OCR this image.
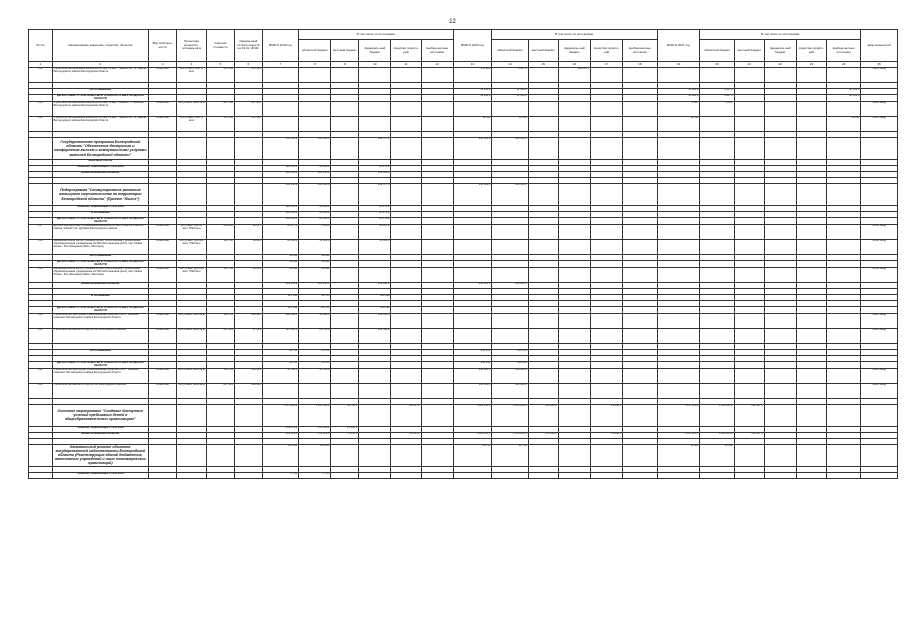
12
№ п/п	Наименование заказчика, отраслей, объектов	Вид собствен-ности	Проектная мощность, площадь кв.м	Сметная стоимость	Ожидае-мый остаток средств на 01.01. 2019г.	ВСЕГО 2019 год	В том числе по источникам:					ВСЕГО 2020 год	В том числе по источникам:					ВСЕГО 2021 год	В том числе по источникам:					ввод мощностей
							областной бюджет	местный бюджет	федераль-ный бюджет	средства террито-рий	внебюд-жетные источники		областной бюджет	местный бюджет	федераль-ный бюджет	средства террито-рий	внебюд-жетные источники		областной бюджет	местный бюджет	федераль-ный бюджет	средства террито-рий	внебюд-жетные источники	
1	2	3	4	5	6	7	8	9	10	11	12	13	14	15	16	17	18	19	20	21	22	23	24	25
154	Строительство начальной школы на 100 мест в мкр. "Таврово-10", в Таврово Белгородского района Белгородской области	областная	100 уч.мест 3447,9 кв.м	172 500	172 500							152 803	4 617,4		118 815,7									2021г. ввод

	За Соглашением											11 050,0	11 050,0					45 000,0	6 667,0				38 333,0	
	ДЕПАРТАМЕНТ СТРОИТЕЛЬСТВА И ТРАНСПОРТА БЕЛГОРОДСКОЙ ОБЛАСТИ											11 050,0	11 050,0					45 000,0	6 667,0				38 333,0	
155	Строительство начальной школы на 200 мест в мкр. "Новый-2" с. Майский Белгородского района Белгородской области	областная	200 уч.мест 4843 кв.м	227 000	227 000													6 667	6 667					2022г. ввод
156	Строительство начальной школы на 100 мест в мкр. "Таврово-10", в Таврово Белгородского района Белгородской области	областная	100 уч.мест 3447,9 кв.м	172 500	172 500							11 050	11 050					38 333					38 333	2021г. ввод

	Государственная программа Белгородской области "Обеспечение доступным и комфортным жильем и коммунальными услугами жителей Белгородской области"					504 335,9	165 658,6		338 677,3			230 030,0	230 030,0											
	Минстрой России																							
	Объекты, переходящие с 2018 года					120 421,0	40 243,0		80 178,0															
	Вновь начинаемые объекты					101 481,0	122 415,0		258 499,0															

	Подпрограмма "Стимулирование развития жилищного строительства на территории Белгородской области" (Проект "Жилье")					504 335,9	165 658,6		338 677,3			230 030,0	230 030,0											
	Объекты, переходящие с 2018 года					120 421,0	40 243,0		80 178,0															
	В Соглашении					101 481,0	21 313,0		80 178,0															
	ДЕПАРТАМЕНТ СТРОИТЕЛЬСТВА И ТРАНСПОРТА БЕЛГОРОДСКОЙ ОБЛАСТИ					101 481,0	21 313,0		80 178,0															
157	Детский сад на 80 мест в начальном школом на 50 мест в мкр № 2 жилого района "Новый" пос. Дубовое Белгородского района	областная	80 уч.мест для 50 мест 5022 кв.м	224 300	36 477	36 477,5	7 660,3		28 817,2															2019г. ввод
158	Начальная школа на 200 учеников (кочм), обособленная с дошкольным образовательным учреждением на 200 воспитанников (кочс), мкр."Новая Жизнь", Юго-Западный район, г.Белгород	областная	200 уч.мест для 200 мест 7093 кв.м	345 750	63 644	63 014,0	13 653,0		51 361,0															2019г. ввод
	За Соглашением					18 930	18 930																	
	ДЕПАРТАМЕНТ СТРОИТЕЛЬСТВА И ТРАНСПОРТА БЕЛГОРОДСКОЙ ОБЛАСТИ					18 930	18 930																	
159	Начальная школа на 200 учеников (кочм), обособленная с дошкольным образовательным учреждением на 200 воспитанников (кочс), мкр."Новая Жизнь", Юго-Западный район, г.Белгород	областная	200 уч.мест для 200 мест 7093 кв.м	345 750	63 644	18 930	18 930																	2019г. ввод
	Вновь начинаемые объекты					383 914,9	125 415,6		258 499,3			230 030,0	230 030,0											

	В Соглашении					327 314	68 715		258 599															

	ДЕПАРТАМЕНТ СТРОИТЕЛЬСТВА И ТРАНСПОРТА БЕЛГОРОДСКОЙ ОБЛАСТИ					327 314	68 715		258 599															
160	Строительство пристройки блока начальных классов к МОУ "Майская гимназия" Белгородского района Белгородской области	областная	800 уч.мест 8481 кв.м	394 739	200 000	200 000,0	42 000,0		158 000,0															2020г. ввод
161	Строительство школы в с.Крутой Лог Белгородского района	областная	150 уч.мест 4852 кв.м	227 314	27 314	127 314,0	26 715,0		100 599,0															2020г. ввод

	За Соглашением					56 700	56 700					230 030	230 030											

	ДЕПАРТАМЕНТ СТРОИТЕЛЬСТВА И ТРАНСПОРТА БЕЛГОРОДСКОЙ ОБЛАСТИ					56 700	56 700					230 030	230 030											
162	Строительство пристройки блока начальных классов к МОУ "Майская гимназия" Белгородского района Белгородской области	областная	800 уч.мест 8481 кв.м	394 739	130 000	56 700,0	56 700,0					130 030,0	130 030,0											2020г. ввод
163	Строительство школы в с.Крутой Лог Белгородского района	областная	150 уч.мест 4852 кв.м	227 314	200 000							100 000,0	100 000,0											2020г. ввод

	Основное мероприятие "Создание доступных условий пребывания детей в общеобразовательных организациях"					1 175 802,0	1 037 064,0	94 781,0		43 337,0		1 124 213,0	1 004 213,0	106 902,0		13 098,0		1 347 600,0	1 180 203,0	152 397,0				
	Объекты, переходящие с 2018 года					340 473,0	317 344,0	23 126,0																
	Вновь начинаемые объекты					835 319,0	720 309,0	71 655,0		43 337,0		1 124 213,0	1 004 213,0	106 902,0		13 098,0		1 347 600,0	1 180 203,0	152 397,0				

	Капитальный ремонт объектов государственной собственности Белгородской области (Реконструкция зданий бюджетных, автономных учреждений и иных некоммерческих организаций)					108 665	108 665					28 750	28 750					50 000	50 000					

	Объекты, переходящие с 2018 года					77 745	77 745																	
